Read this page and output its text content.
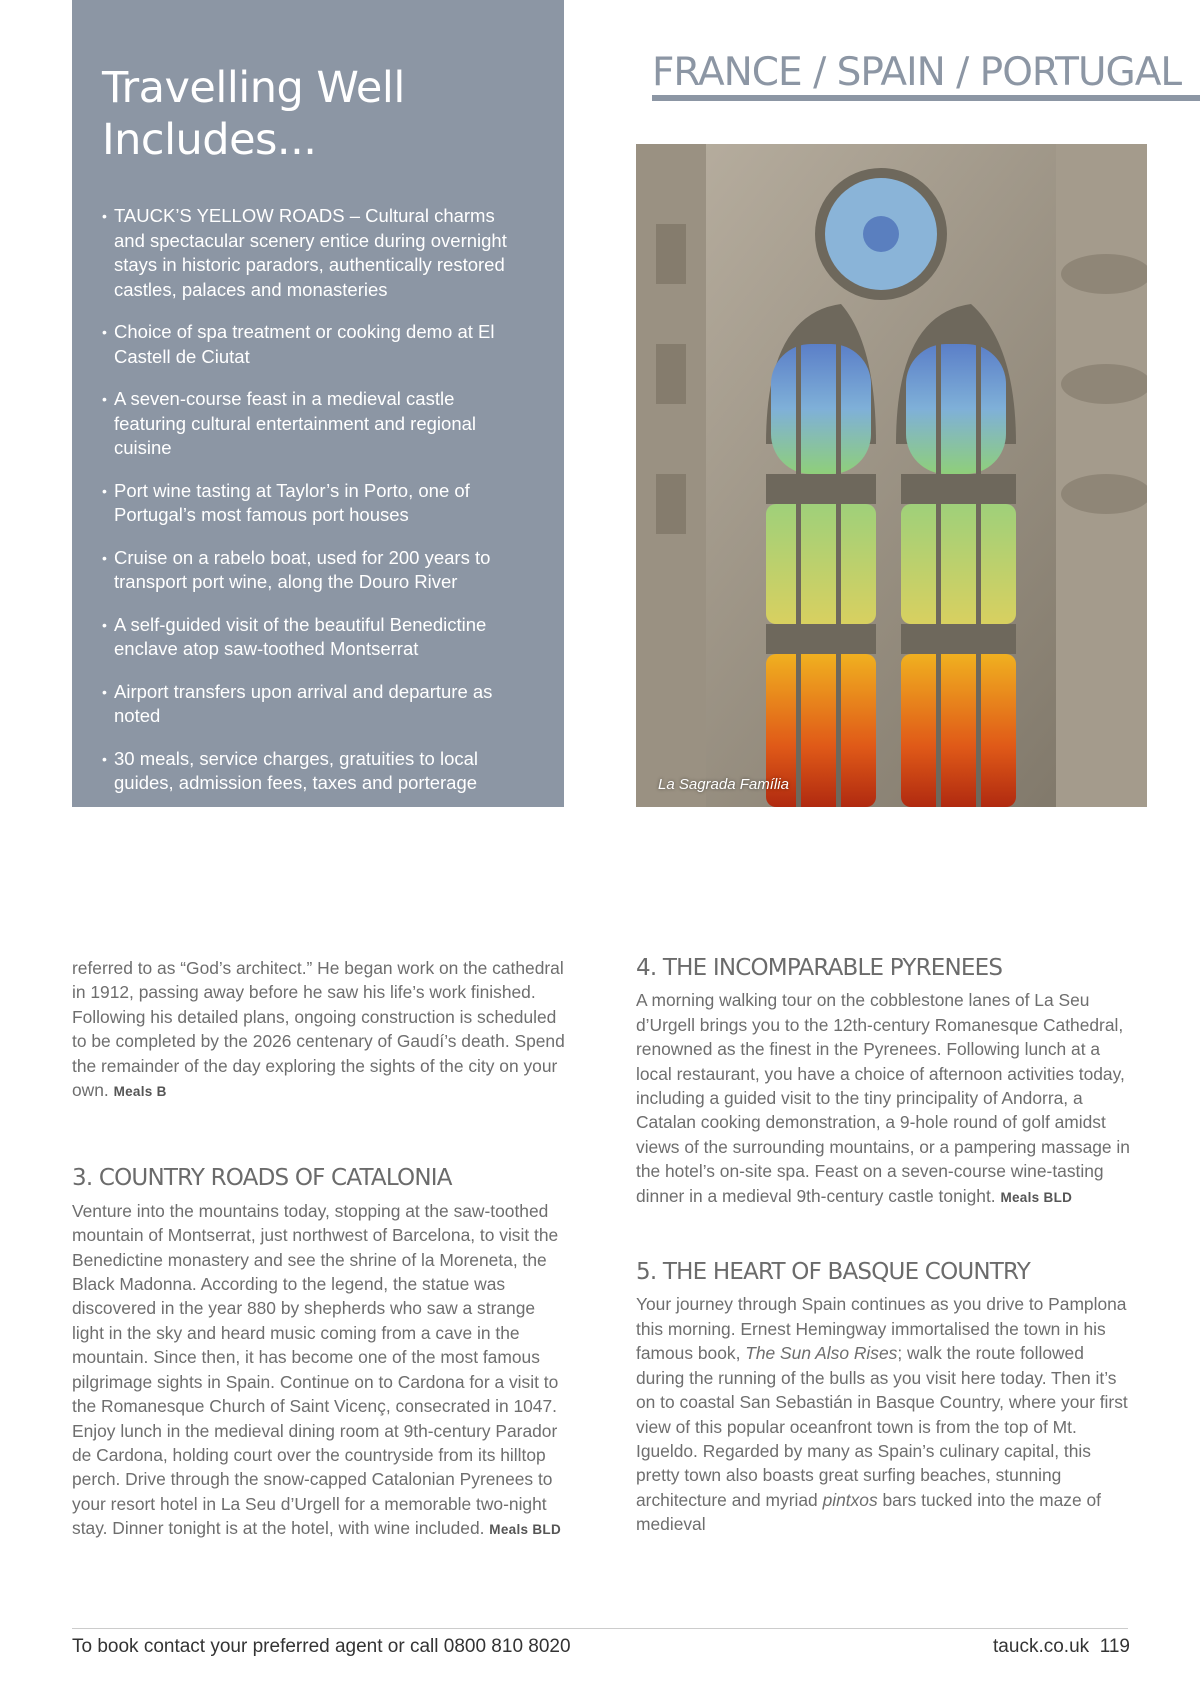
Travelling Well
Includes...
• TAUCK’S YELLOW ROADS – Cultural charms and spectacular scenery entice during overnight stays in historic paradors, authentically restored castles, palaces and monasteries
• Choice of spa treatment or cooking demo at El Castell de Ciutat
• A seven-course feast in a medieval castle featuring cultural entertainment and regional cuisine
• Port wine tasting at Taylor’s in Porto, one of Portugal’s most famous port houses
• Cruise on a rabelo boat, used for 200 years to transport port wine, along the Douro River
• A self-guided visit of the beautiful Benedictine enclave atop saw-toothed Montserrat
• Airport transfers upon arrival and departure as noted
• 30 meals, service charges, gratuities to local guides, admission fees, taxes and porterage
FRANCE / SPAIN / PORTUGAL
La Sagrada Família

referred to as “God’s architect.” He began work on the cathedral in 1912, passing away before he saw his life’s work finished. Following his detailed plans, ongoing construction is scheduled to be completed by the 2026 centenary of Gaudí’s death. Spend the remainder of the day exploring the sights of the city on your own. Meals B

3. COUNTRY ROADS OF CATALONIA

Venture into the mountains today, stopping at the saw-toothed mountain of Montserrat, just northwest of Barcelona, to visit the Benedictine monastery and see the shrine of la Moreneta, the Black Madonna. According to the legend, the statue was discovered in the year 880 by shepherds who saw a strange light in the sky and heard music coming from a cave in the mountain. Since then, it has become one of the most famous pilgrimage sights in Spain. Continue on to Cardona for a visit to the Romanesque Church of Saint Vicenç, consecrated in 1047. Enjoy lunch in the medieval dining room at 9th-century Parador de Cardona, holding court over the countryside from its hilltop perch. Drive through the snow-capped Catalonian Pyrenees to your resort hotel in La Seu d’Urgell for a memorable two-night stay. Dinner tonight is at the hotel, with wine included. Meals BLD

4. THE INCOMPARABLE PYRENEES

A morning walking tour on the cobblestone lanes of La Seu d’Urgell brings you to the 12th-century Romanesque Cathedral, renowned as the finest in the Pyrenees. Following lunch at a local restaurant, you have a choice of afternoon activities today, including a guided visit to the tiny principality of Andorra, a Catalan cooking demonstration, a 9-hole round of golf amidst views of the surrounding mountains, or a pampering massage in the hotel’s on-site spa. Feast on a seven-course wine-tasting dinner in a medieval 9th-century castle tonight. Meals BLD

5. THE HEART OF BASQUE COUNTRY

Your journey through Spain continues as you drive to Pamplona this morning. Ernest Hemingway immortalised the town in his famous book, The Sun Also Rises; walk the route followed during the running of the bulls as you visit here today. Then it’s on to coastal San Sebastián in Basque Country, where your first view of this popular oceanfront town is from the top of Mt. Igueldo. Regarded by many as Spain’s culinary capital, this pretty town also boasts great surfing beaches, stunning architecture and myriad pintxos bars tucked into the maze of medieval

To book contact your preferred agent or call 0800 810 8020	tauck.co.uk 119
